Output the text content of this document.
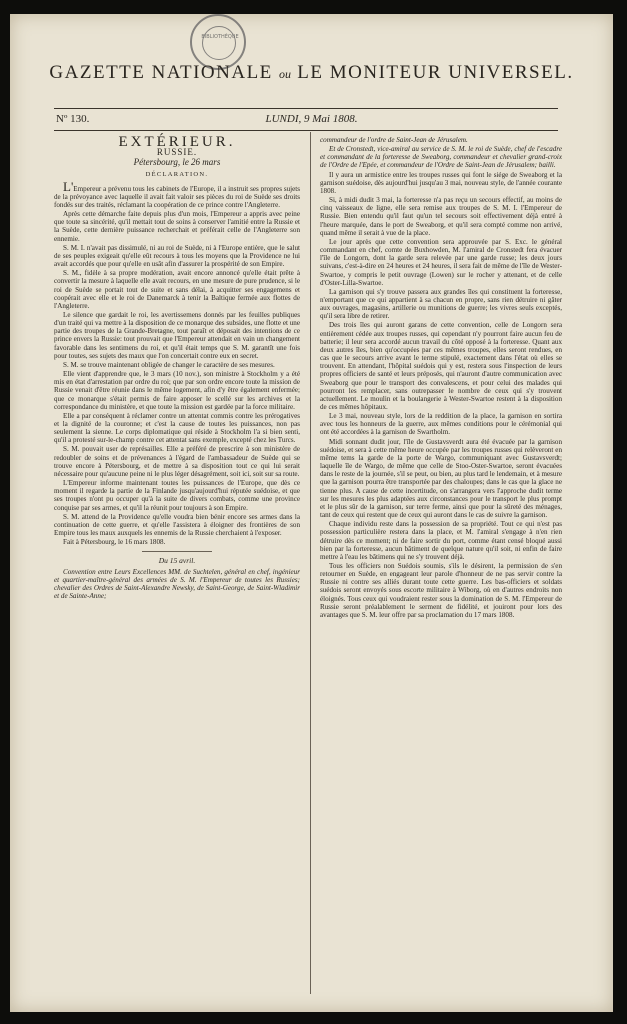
BIBLIOTHÈQUE
GAZETTE NATIONALE ou LE MONITEUR UNIVERSEL.
Nº 130.	LUNDI, 9 Mai 1808.
EXTÉRIEUR.
RUSSIE.
Pétersbourg, le 26 mars
DÉCLARATION.

L'Empereur a prévenu tous les cabinets de l'Europe, il a instruit ses propres sujets de la prévoyance avec laquelle il avait fait valoir ses pièces du roi de Suède ses droits fondés sur des traités, réclamant la coopération de ce prince contre l'Angleterre.

Après cette démarche faite depuis plus d'un mois, l'Empereur a appris avec peine que toute sa sincérité, qu'il mettait tout de soins à conserver l'amitié entre la Russie et la Suède, cette dernière puissance recherchait et préférait celle de l'Angleterre son ennemie.

S. M. I. n'avait pas dissimulé, ni au roi de Suède, ni à l'Europe entière, que le salut de ses peuples exigeait qu'elle eût recours à tous les moyens que la Providence ne lui avait accordés que pour qu'elle en usât afin d'assurer la prospérité de son Empire.

S. M., fidèle à sa propre modération, avait encore annoncé qu'elle était prête à convertir la mesure à laquelle elle avait recours, en une mesure de pure prudence, si le roi de Suède se portait tout de suite et sans délai, à acquitter ses engagemens et coopérait avec elle et le roi de Danemarck à tenir la Baltique fermée aux flottes de l'Angleterre.

Le silence que gardait le roi, les avertissemens donnés par les feuilles publiques d'un traité qui va mettre à la disposition de ce monarque des subsides, une flotte et une partie des troupes de la Grande-Bretagne, tout paraît et déposait des intentions de ce prince envers la Russie: tout prouvait que l'Empereur attendait en vain un changement favorable dans les sentimens du roi, et qu'il était temps que S. M. garantît une fois pour toutes, ses sujets des maux que l'on concertait contre eux en secret.

S. M. se trouve maintenant obligée de changer le caractère de ses mesures.

Elle vient d'apprendre que, le 3 mars (10 nov.), son ministre à Stockholm y a été mis en état d'arrestation par ordre du roi; que par son ordre encore toute la mission de Russie venait d'être réunie dans le même logement, afin d'y être également enfermée; que ce monarque s'était permis de faire apposer le scellé sur les archives et la correspondance du ministère, et que toute la mission est gardée par la force militaire.

Elle a par conséquent à réclamer contre un attentat commis contre les prérogatives et la dignité de la couronne; et c'est la cause de toutes les puissances, non pas seulement la sienne. Le corps diplomatique qui réside à Stockholm l'a si bien senti, qu'il a protesté sur-le-champ contre cet attentat sans exemple, excepté chez les Turcs.

S. M. pouvait user de représailles. Elle a préféré de prescrire à son ministère de redoubler de soins et de prévenances à l'égard de l'ambassadeur de Suède qui se trouve encore à Pétersbourg, et de mettre à sa disposition tout ce qui lui serait nécessaire pour qu'aucune peine ni le plus léger désagrément, soit ici, soit sur sa route.

L'Empereur informe maintenant toutes les puissances de l'Europe, que dès ce moment il regarde la partie de la Finlande jusqu'aujourd'hui réputée suédoise, et que ses troupes n'ont pu occuper qu'à la suite de divers combats, comme une province conquise par ses armes, et qu'il la réunit pour toujours à son Empire.

S. M. attend de la Providence qu'elle voudra bien bénir encore ses armes dans la continuation de cette guerre, et qu'elle l'assistera à éloigner des frontières de son Empire tous les maux auxquels les ennemis de la Russie cherchaient à l'exposer.

Fait à Pétersbourg, le 16 mars 1808.

Du 15 avril.

Convention entre Leurs Excellences MM. de Suchtelen, général en chef, ingénieur et quartier-maître-général des armées de S. M. l'Empereur de toutes les Russies; chevalier des Ordres de Saint-Alexandre Newsky, de Saint-George, de Saint-Wladimir et de Sainte-Anne;

commandeur de l'ordre de Saint-Jean de Jérusalem.

Et de Cronstedt, vice-amiral au service de S. M. le roi de Suède, chef de l'escadre et commandant de la forteresse de Sweaborg, commandeur et chevalier grand-croix de l'Ordre de l'Epée, et commandeur de l'Ordre de Saint-Jean de Jérusalem; bailli.

Il y aura un armistice entre les troupes russes qui font le siége de Sweaborg et la garnison suédoise, dès aujourd'hui jusqu'au 3 mai, nouveau style, de l'année courante 1808.

Si, à midi dudit 3 mai, la forteresse n'a pas reçu un secours effectif, au moins de cinq vaisseaux de ligne, elle sera remise aux troupes de S. M. I. l'Empereur de Russie. Bien entendu qu'il faut qu'un tel secours soit effectivement déjà entré à l'heure marquée, dans le port de Sweaborg, et qu'il sera compté comme non arrivé, quand même il serait à vue de la place.

Le jour après que cette convention sera approuvée par S. Exc. le général commandant en chef, comte de Buxhowden, M. l'amiral de Cronstedt fera évacuer l'île de Longorn, dont la garde sera relevée par une garde russe; les deux jours suivans, c'est-à-dire en 24 heures et 24 heures, il sera fait de même de l'île de Wester-Swartoe, y compris le petit ouvrage (Lowen) sur le rocher y attenant, et de celle d'Oster-Lilla-Swartoe.

La garnison qui s'y trouve passera aux grandes îles qui constituent la forteresse, n'emportant que ce qui appartient à sa chacun en propre, sans rien détruire ni gâter aux ouvrages, magasins, artillerie ou munitions de guerre; les vivres seuls exceptés, qu'il sera libre de retirer.

Des trois îles qui auront garans de cette convention, celle de Longorn sera entièrement cédée aux troupes russes, qui cependant n'y pourront faire aucun feu de batterie; il leur sera accordé aucun travail du côté opposé à la forteresse. Quant aux deux autres îles, bien qu'occupées par ces mêmes troupes, elles seront rendues, en cas que le secours arrive avant le terme stipulé, exactement dans l'état où elles se trouvent. En attendant, l'hôpital suédois qui y est, restera sous l'inspection de leurs propres officiers de santé et leurs préposés, qui n'auront d'autre communication avec Sweaborg que pour le transport des convalescens, et pour celui des malades qui pourront les remplacer, sans outrepasser le nombre de ceux qui s'y trouvent actuellement. Le moulin et la boulangerie à Wester-Swartoe restent à la disposition de ces mêmes hôpitaux.

Le 3 mai, nouveau style, lors de la reddition de la place, la garnison en sortira avec tous les honneurs de la guerre, aux mêmes conditions pour le cérémonial qui ont été accordées à la garnison de Swartholm.

Midi sonnant dudit jour, l'île de Gustavsverdt aura été évacuée par la garnison suédoise, et sera à cette même heure occupée par les troupes russes qui relèveront en même tems la garde de la porte de Wargo, communiquant avec Gustavsverdt; laquelle île de Wargo, de même que celle de Stoo-Oster-Swartoe, seront évacuées dans le reste de la journée, s'il se peut, ou bien, au plus tard le lendemain, et à mesure que la garnison pourra être transportée par des chaloupes; dans le cas que la glace ne tienne plus. A cause de cette incertitude, on s'arrangera vers l'approche dudit terme sur les mesures les plus adaptées aux circonstances pour le transport le plus prompt et le plus sûr de la garnison, sur terre ferme, ainsi que pour la sûreté des ménages, tant de ceux qui restent que de ceux qui auront dans le cas de suivre la garnison.

Chaque individu reste dans la possession de sa propriété. Tout ce qui n'est pas possession particulière restera dans la place, et M. l'amiral s'engage à n'en rien détruire dès ce moment; ni de faire sortir du port, comme étant censé bloqué aussi bien par la forteresse, aucun bâtiment de quelque nature qu'il soit, ni enfin de faire mettre à l'eau les bâtimens qui ne s'y trouvent déjà.

Tous les officiers non Suédois soumis, s'ils le désirent, la permission de s'en retourner en Suède, en engageant leur parole d'honneur de ne pas servir contre la Russie ni contre ses alliés durant toute cette guerre. Les bas-officiers et soldats suédois seront envoyés sous escorte militaire à Wiborg, où en d'autres endroits non éloignés. Tous ceux qui voudraient rester sous la domination de S. M. l'Empereur de Russie seront préalablement le serment de fidélité, et jouiront pour lors des avantages que S. M. leur offre par sa proclamation du 17 mars 1808.
